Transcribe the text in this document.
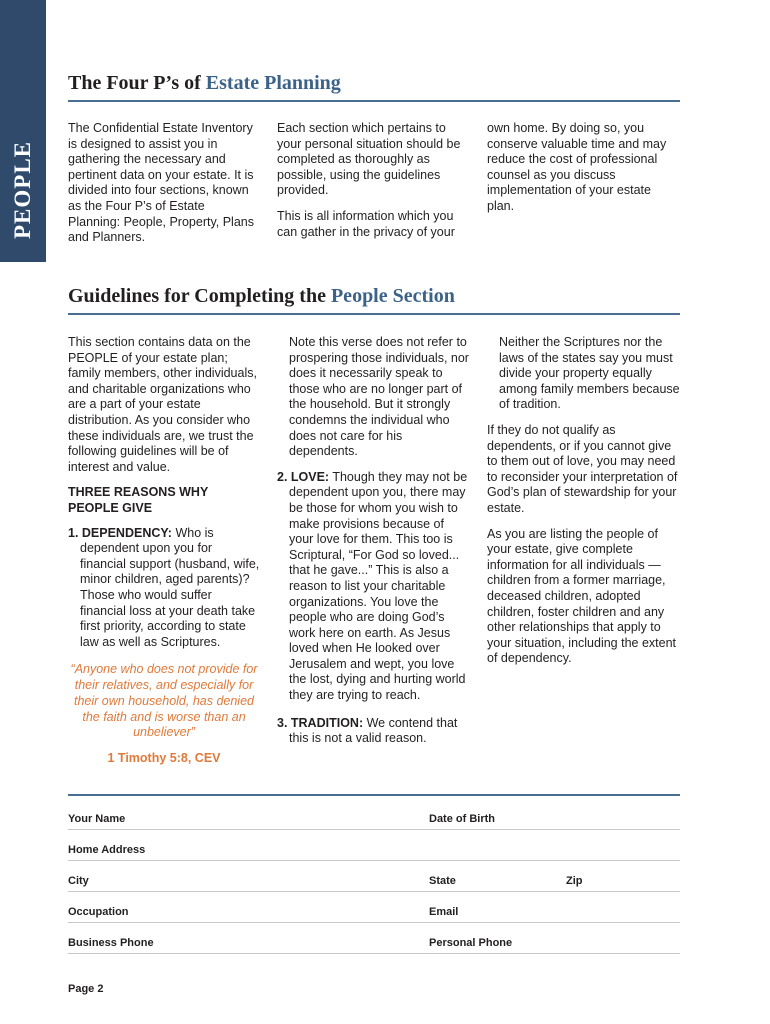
PEOPLE
The Four P’s of Estate Planning

The Confidential Estate Inventory is designed to assist you in gathering the necessary and pertinent data on your estate. It is divided into four sections, known as the Four P’s of Estate Planning: People, Property, Plans and Planners.

Each section which pertains to your personal situation should be completed as thoroughly as possible, using the guidelines provided.

This is all information which you can gather in the privacy of your

own home. By doing so, you conserve valuable time and may reduce the cost of professional counsel as you discuss implementation of your estate plan.

Guidelines for Completing the People Section

This section contains data on the PEOPLE of your estate plan; family members, other individuals, and charitable organizations who are a part of your estate distribution. As you consider who these individuals are, we trust the following guidelines will be of interest and value.

THREE REASONS WHY PEOPLE GIVE

1. DEPENDENCY: Who is dependent upon you for financial support (husband, wife, minor children, aged parents)? Those who would suffer financial loss at your death take first priority, according to state law as well as Scriptures.

“Anyone who does not provide for their relatives, and especially for their own household, has denied the faith and is worse than an unbeliever”

1 Timothy 5:8, CEV

Note this verse does not refer to prospering those individuals, nor does it necessarily speak to those who are no longer part of the household. But it strongly condemns the individual who does not care for his dependents.

2. LOVE: Though they may not be dependent upon you, there may be those for whom you wish to make provisions because of your love for them. This too is Scriptural, “For God so loved... that he gave...” This is also a reason to list your charitable organizations. You love the people who are doing God’s work here on earth. As Jesus loved when He looked over Jerusalem and wept, you love the lost, dying and hurting world they are trying to reach.

3. TRADITION: We contend that this is not a valid reason.

Neither the Scriptures nor the laws of the states say you must divide your property equally among family members because of tradition.

If they do not qualify as dependents, or if you cannot give to them out of love, you may need to reconsider your interpretation of God’s plan of stewardship for your estate.

As you are listing the people of your estate, give complete information for all individuals — children from a former marriage, deceased children, adopted children, foster children and any other relationships that apply to your situation, including the extent of dependency.

Your Name	Date of Birth
Home Address
City	State	Zip
Occupation	Email
Business Phone	Personal Phone
Page 2
